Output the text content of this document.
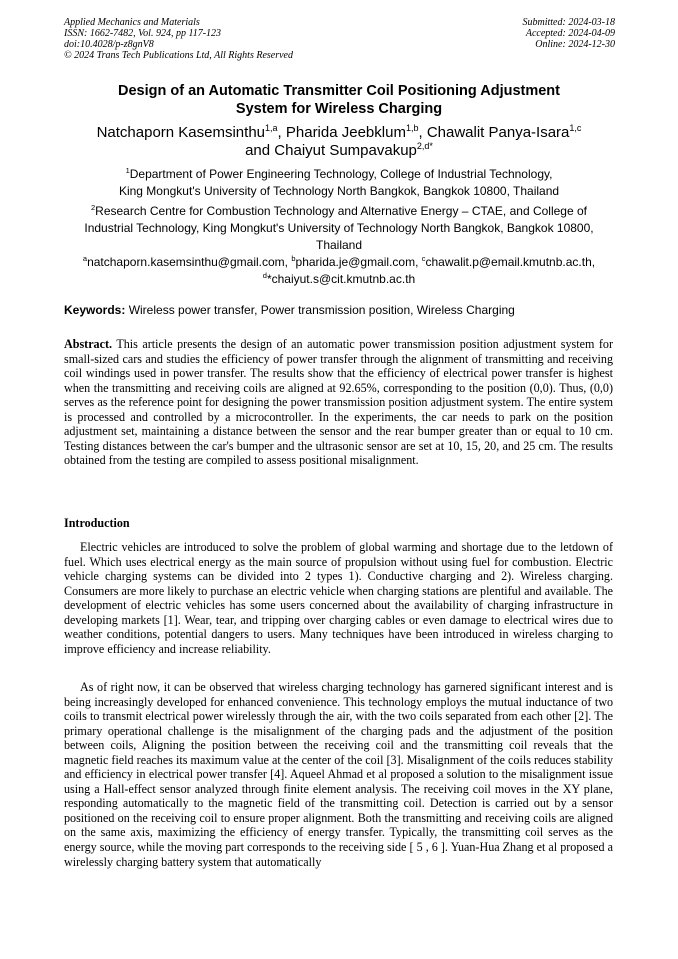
Applied Mechanics and Materials
ISSN: 1662-7482, Vol. 924, pp 117-123
doi:10.4028/p-z8gnV8
© 2024 Trans Tech Publications Ltd, All Rights Reserved
Submitted: 2024-03-18
Accepted: 2024-04-09
Online: 2024-12-30
Design of an Automatic Transmitter Coil Positioning Adjustment
System for Wireless Charging
Natchaporn Kasemsinthu$^{1,a}$, Pharida Jeebklum$^{1,b}$, Chawalit Panya-Isara$^{1,c}$
and Chaiyut Sumpavakup$^{2,d*}$
$^1$Department of Power Engineering Technology, College of Industrial Technology,
King Mongkut's University of Technology North Bangkok, Bangkok 10800, Thailand
$^2$Research Centre for Combustion Technology and Alternative Energy – CTAE, and College of
Industrial Technology, King Mongkut's University of Technology North Bangkok, Bangkok 10800,
Thailand
$^a$natchaporn.kasemsinthu@gmail.com, $^b$pharida.je@gmail.com, $^c$chawalit.p@email.kmutnb.ac.th,
$^d$*chaiyut.s@cit.kmutnb.ac.th
Keywords: Wireless power transfer, Power transmission position, Wireless Charging
Abstract. This article presents the design of an automatic power transmission position adjustment system for small-sized cars and studies the efficiency of power transfer through the alignment of transmitting and receiving coil windings used in power transfer. The results show that the efficiency of electrical power transfer is highest when the transmitting and receiving coils are aligned at 92.65%, corresponding to the position (0,0). Thus, (0,0) serves as the reference point for designing the power transmission position adjustment system. The entire system is processed and controlled by a microcontroller. In the experiments, the car needs to park on the position adjustment set, maintaining a distance between the sensor and the rear bumper greater than or equal to 10 cm. Testing distances between the car's bumper and the ultrasonic sensor are set at 10, 15, 20, and 25 cm. The results obtained from the testing are compiled to assess positional misalignment.
Introduction
Electric vehicles are introduced to solve the problem of global warming and shortage due to the letdown of fuel. Which uses electrical energy as the main source of propulsion without using fuel for combustion. Electric vehicle charging systems can be divided into 2 types 1). Conductive charging and 2). Wireless charging. Consumers are more likely to purchase an electric vehicle when charging stations are plentiful and available. The development of electric vehicles has some users concerned about the availability of charging infrastructure in developing markets [1]. Wear, tear, and tripping over charging cables or even damage to electrical wires due to weather conditions, potential dangers to users. Many techniques have been introduced in wireless charging to improve efficiency and increase reliability.
As of right now, it can be observed that wireless charging technology has garnered significant interest and is being increasingly developed for enhanced convenience. This technology employs the mutual inductance of two coils to transmit electrical power wirelessly through the air, with the two coils separated from each other [2]. The primary operational challenge is the misalignment of the charging pads and the adjustment of the position between coils, Aligning the position between the receiving coil and the transmitting coil reveals that the magnetic field reaches its maximum value at the center of the coil [3]. Misalignment of the coils reduces stability and efficiency in electrical power transfer [4]. Aqueel Ahmad et al proposed a solution to the misalignment issue using a Hall-effect sensor analyzed through finite element analysis. The receiving coil moves in the XY plane, responding automatically to the magnetic field of the transmitting coil. Detection is carried out by a sensor positioned on the receiving coil to ensure proper alignment. Both the transmitting and receiving coils are aligned on the same axis, maximizing the efficiency of energy transfer. Typically, the transmitting coil serves as the energy source, while the moving part corresponds to the receiving side [ 5 , 6 ]. Yuan-Hua Zhang et al proposed a wirelessly charging battery system that automatically
